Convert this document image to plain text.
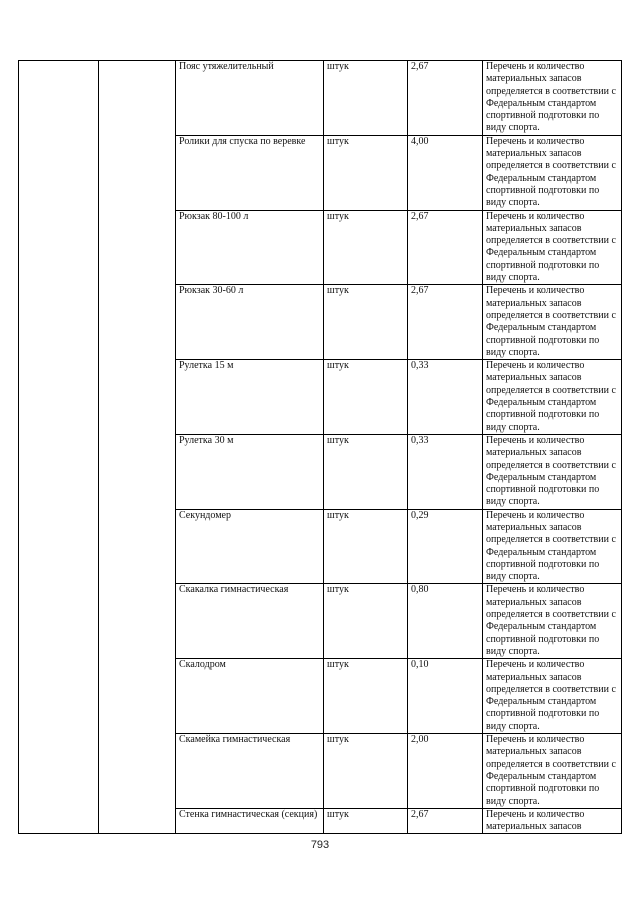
		Пояс утяжелительный	штук	2,67	Перечень и количество материальных запасов определяется в соответствии с Федеральным стандартом спортивной подготовки по виду спорта.
		Ролики для спуска по веревке	штук	4,00	Перечень и количество материальных запасов определяется в соответствии с Федеральным стандартом спортивной подготовки по виду спорта.
		Рюкзак 80-100 л	штук	2,67	Перечень и количество материальных запасов определяется в соответствии с Федеральным стандартом спортивной подготовки по виду спорта.
		Рюкзак 30-60 л	штук	2,67	Перечень и количество материальных запасов определяется в соответствии с Федеральным стандартом спортивной подготовки по виду спорта.
		Рулетка 15 м	штук	0,33	Перечень и количество материальных запасов определяется в соответствии с Федеральным стандартом спортивной подготовки по виду спорта.
		Рулетка 30 м	штук	0,33	Перечень и количество материальных запасов определяется в соответствии с Федеральным стандартом спортивной подготовки по виду спорта.
		Секундомер	штук	0,29	Перечень и количество материальных запасов определяется в соответствии с Федеральным стандартом спортивной подготовки по виду спорта.
		Скакалка гимнастическая	штук	0,80	Перечень и количество материальных запасов определяется в соответствии с Федеральным стандартом спортивной подготовки по виду спорта.
		Скалодром	штук	0,10	Перечень и количество материальных запасов определяется в соответствии с Федеральным стандартом спортивной подготовки по виду спорта.
		Скамейка гимнастическая	штук	2,00	Перечень и количество материальных запасов определяется в соответствии с Федеральным стандартом спортивной подготовки по виду спорта.
		Стенка гимнастическая (секция)	штук	2,67	Перечень и количество материальных запасов
793
